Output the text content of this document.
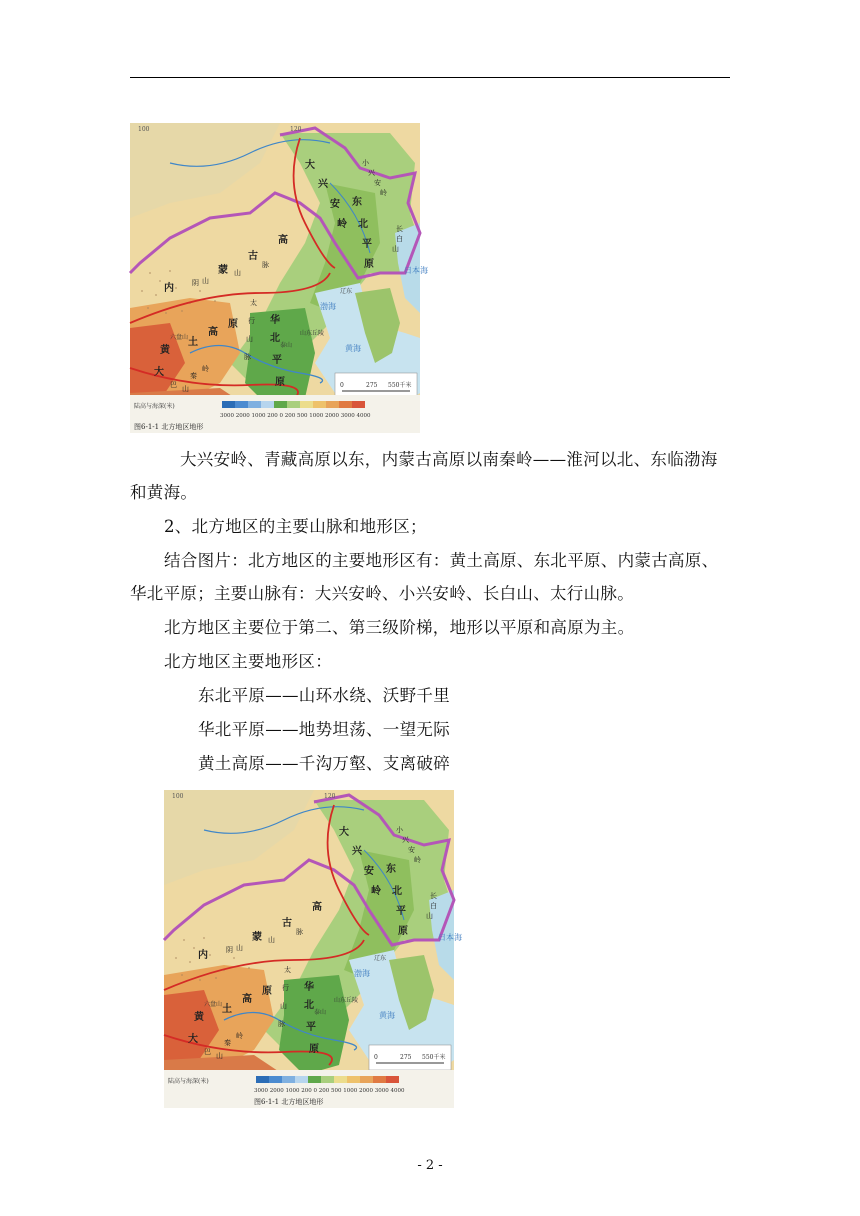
100	120
大
兴
安
岭
东
北
平
原
内
蒙
古
高
华
北
平
原
黄
土
高
原
大
小
兴
安
岭
长
白
山
阴 山
山
脉
太
行
山
脉
秦
岭
巴 山
六盘山
泰山
山东丘陵
辽东
渤海
黄海
日本海
0	275 550千米
陆高与海深(米)
3000 2000 1000 200 0 200 500 1000 2000 3000 4000
图6-1-1 北方地区地形
大兴安岭、青藏高原以东，内蒙古高原以南秦岭——淮河以北、东临渤海
和黄海。
2、北方地区的主要山脉和地形区；
结合图片：北方地区的主要地形区有：黄土高原、东北平原、内蒙古高原、
华北平原；主要山脉有：大兴安岭、小兴安岭、长白山、太行山脉。
北方地区主要位于第二、第三级阶梯，地形以平原和高原为主。
北方地区主要地形区：
东北平原——山环水绕、沃野千里
华北平原——地势坦荡、一望无际
黄土高原——千沟万壑、支离破碎
100	120
大
兴
安
岭
东
北
平
原
内
蒙
古
高
华
北
平
原
黄
土
高
原
大
小
兴
安
岭
长
白
山
阴 山
山
脉
太
行
山
脉
秦
岭
巴 山
六盘山
泰山
山东丘陵
辽东
渤海
黄海
日本海
0	275 550千米
陆高与海深(米)
3000 2000 1000 200 0 200 500 1000 2000 3000 4000
图6-1-1 北方地区地形
- 2 -
